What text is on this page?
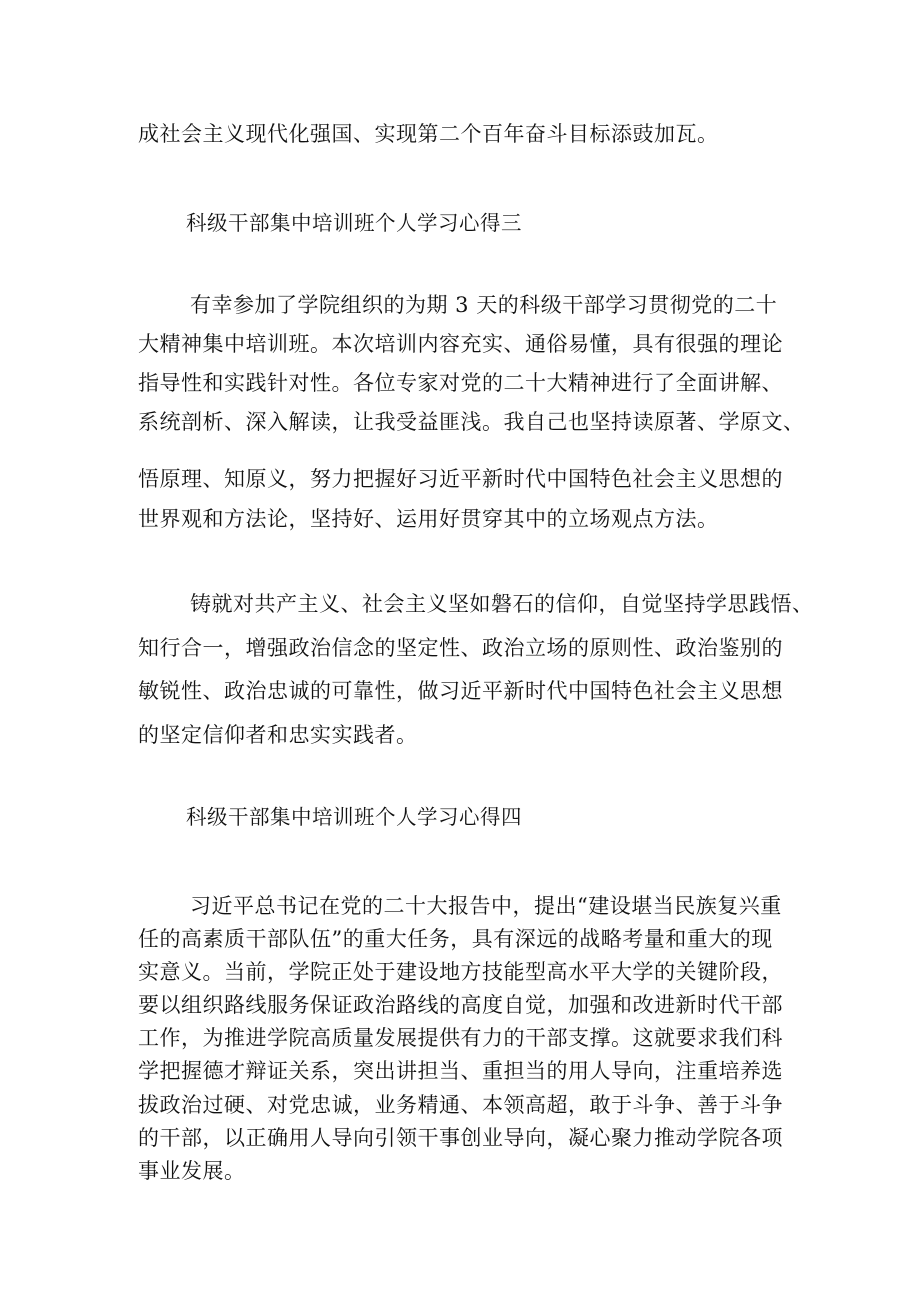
成社会主义现代化强国、实现第二个百年奋斗目标添豉加瓦。

科级干部集中培训班个人学习心得三

有幸参加了学院组织的为期 3 天的科级干部学习贯彻党的二十

大精神集中培训班。本次培训内容充实、通俗易懂，具有很强的理论

指导性和实践针对性。各位专家对党的二十大精神进行了全面讲解、

系统剖析、深入解读，让我受益匪浅。我自己也坚持读原著、学原文、

悟原理、知原义，努力把握好习近平新时代中国特色社会主义思想的

世界观和方法论，坚持好、运用好贯穿其中的立场观点方法。

铸就对共产主义、社会主义坚如磐石的信仰，自觉坚持学思践悟、

知行合一，增强政治信念的坚定性、政治立场的原则性、政治鉴别的

敏锐性、政治忠诚的可靠性，做习近平新时代中国特色社会主义思想

的坚定信仰者和忠实实践者。

科级干部集中培训班个人学习心得四

习近平总书记在党的二十大报告中，提出“建设堪当民族复兴重

任的高素质干部队伍”的重大任务，具有深远的战略考量和重大的现

实意义。当前，学院正处于建设地方技能型高水平大学的关键阶段，

要以组织路线服务保证政治路线的高度自觉，加强和改进新时代干部

工作，为推进学院高质量发展提供有力的干部支撑。这就要求我们科

学把握德才辩证关系，突出讲担当、重担当的用人导向，注重培养选

拔政治过硬、对党忠诚，业务精通、本领高超，敢于斗争、善于斗争

的干部，以正确用人导向引领干事创业导向，凝心聚力推动学院各项

事业发展。
